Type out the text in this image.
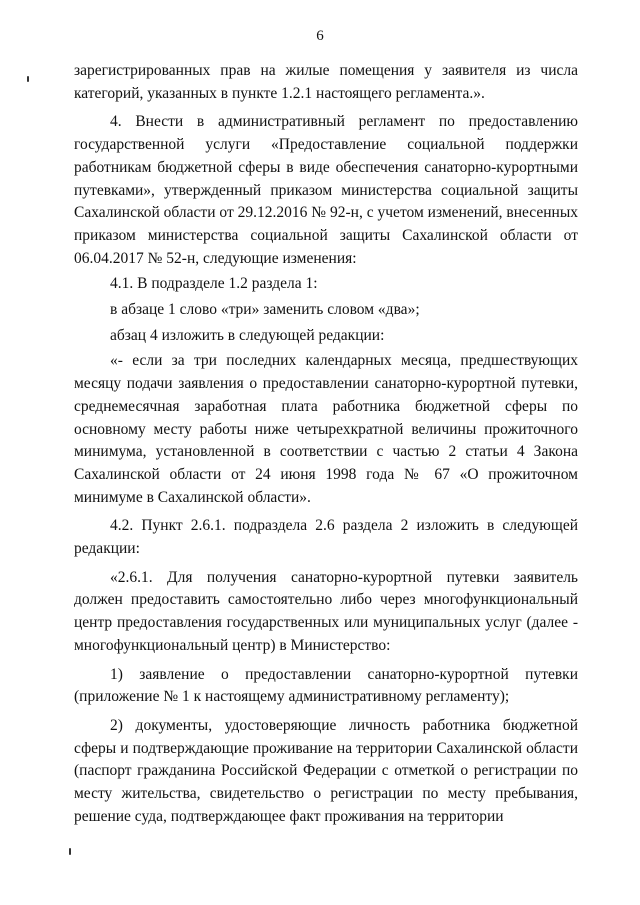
6

зарегистрированных прав на жилые помещения у заявителя из числа категорий, указанных в пункте 1.2.1 настоящего регламента.».

4. Внести в административный регламент по предоставлению государственной услуги «Предоставление социальной поддержки работникам бюджетной сферы в виде обеспечения санаторно-курортными путевками», утвержденный приказом министерства социальной защиты Сахалинской области от 29.12.2016 № 92-н, с учетом изменений, внесенных приказом министерства социальной защиты Сахалинской области от 06.04.2017 № 52-н, следующие изменения:

4.1. В подразделе 1.2 раздела 1:

в абзаце 1 слово «три» заменить словом «два»;

абзац 4 изложить в следующей редакции:

«- если за три последних календарных месяца, предшествующих месяцу подачи заявления о предоставлении санаторно-курортной путевки, среднемесячная заработная плата работника бюджетной сферы по основному месту работы ниже четырехкратной величины прожиточного минимума, установленной в соответствии с частью 2 статьи 4 Закона Сахалинской области от 24 июня 1998 года № 67 «О прожиточном минимуме в Сахалинской области».

4.2. Пункт 2.6.1. подраздела 2.6 раздела 2 изложить в следующей редакции:

«2.6.1. Для получения санаторно-курортной путевки заявитель должен предоставить самостоятельно либо через многофункциональный центр предоставления государственных или муниципальных услуг (далее - многофункциональный центр) в Министерство:

1) заявление о предоставлении санаторно-курортной путевки (приложение № 1 к настоящему административному регламенту);

2) документы, удостоверяющие личность работника бюджетной сферы и подтверждающие проживание на территории Сахалинской области (паспорт гражданина Российской Федерации с отметкой о регистрации по месту жительства, свидетельство о регистрации по месту пребывания, решение суда, подтверждающее факт проживания на территории
